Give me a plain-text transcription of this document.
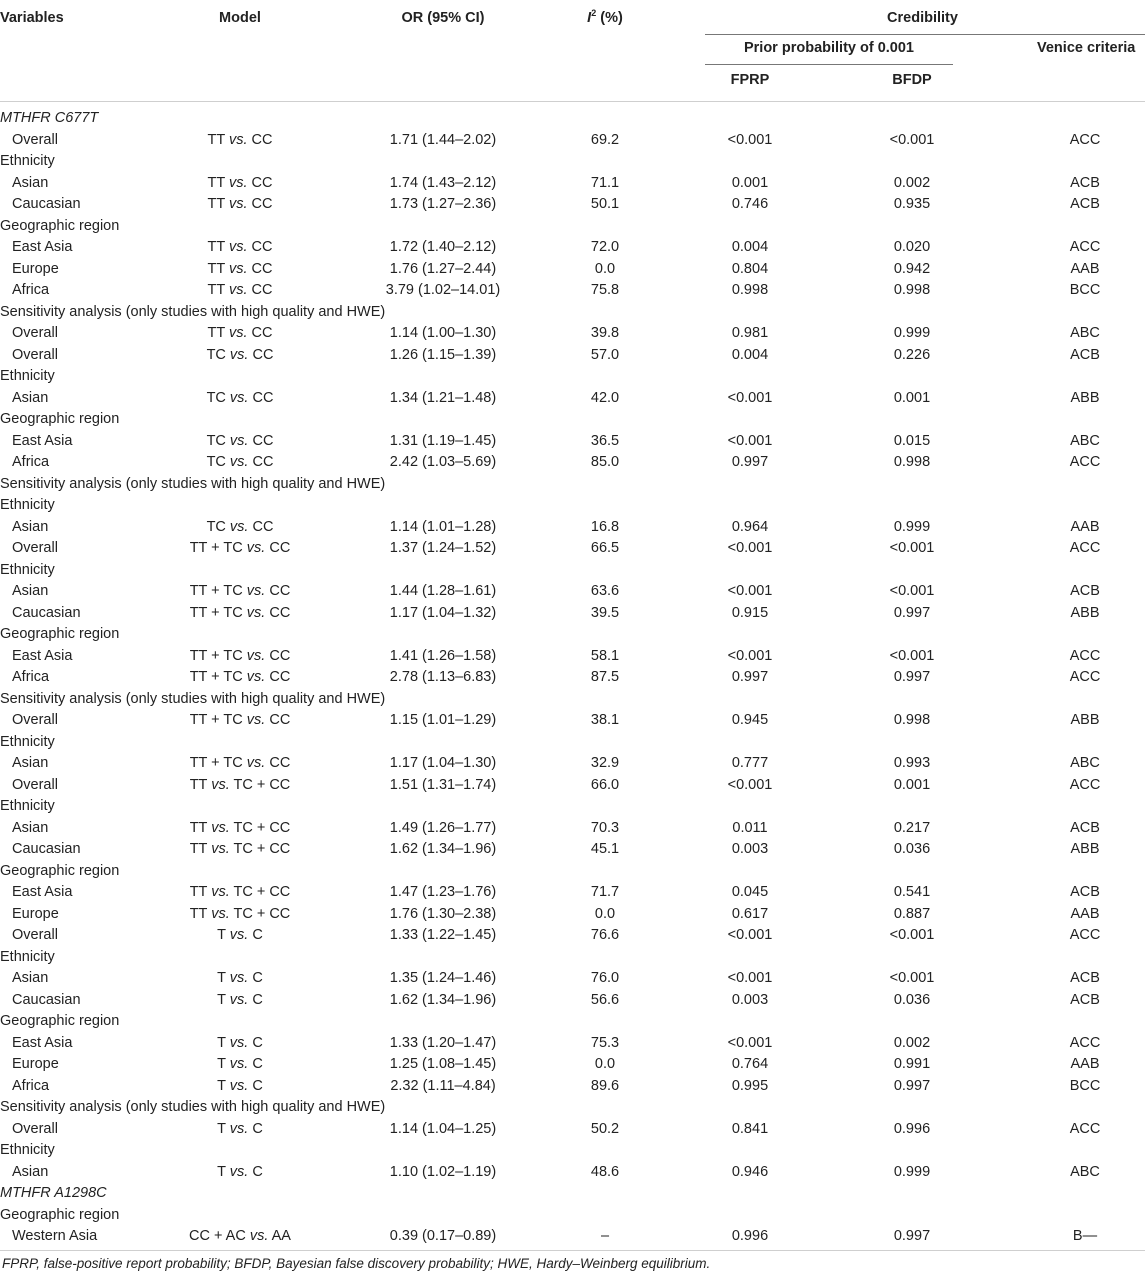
Variables	Model	OR (95% CI)	$I^2$ (%)	Credibility
Prior probability of 0.001	Venice criteria
FPRP	BFDP
MTHFR C677T
Overall	TT vs. CC	1.71 (1.44–2.02)	69.2	<0.001	<0.001	ACC
Ethnicity
Asian	TT vs. CC	1.74 (1.43–2.12)	71.1	0.001	0.002	ACB
Caucasian	TT vs. CC	1.73 (1.27–2.36)	50.1	0.746	0.935	ACB
Geographic region
East Asia	TT vs. CC	1.72 (1.40–2.12)	72.0	0.004	0.020	ACC
Europe	TT vs. CC	1.76 (1.27–2.44)	0.0	0.804	0.942	AAB
Africa	TT vs. CC	3.79 (1.02–14.01)	75.8	0.998	0.998	BCC
Sensitivity analysis (only studies with high quality and HWE)
Overall	TT vs. CC	1.14 (1.00–1.30)	39.8	0.981	0.999	ABC
Overall	TC vs. CC	1.26 (1.15–1.39)	57.0	0.004	0.226	ACB
Ethnicity
Asian	TC vs. CC	1.34 (1.21–1.48)	42.0	<0.001	0.001	ABB
Geographic region
East Asia	TC vs. CC	1.31 (1.19–1.45)	36.5	<0.001	0.015	ABC
Africa	TC vs. CC	2.42 (1.03–5.69)	85.0	0.997	0.998	ACC
Sensitivity analysis (only studies with high quality and HWE)
Ethnicity
Asian	TC vs. CC	1.14 (1.01–1.28)	16.8	0.964	0.999	AAB
Overall	TT + TC vs. CC	1.37 (1.24–1.52)	66.5	<0.001	<0.001	ACC
Ethnicity
Asian	TT + TC vs. CC	1.44 (1.28–1.61)	63.6	<0.001	<0.001	ACB
Caucasian	TT + TC vs. CC	1.17 (1.04–1.32)	39.5	0.915	0.997	ABB
Geographic region
East Asia	TT + TC vs. CC	1.41 (1.26–1.58)	58.1	<0.001	<0.001	ACC
Africa	TT + TC vs. CC	2.78 (1.13–6.83)	87.5	0.997	0.997	ACC
Sensitivity analysis (only studies with high quality and HWE)
Overall	TT + TC vs. CC	1.15 (1.01–1.29)	38.1	0.945	0.998	ABB
Ethnicity
Asian	TT + TC vs. CC	1.17 (1.04–1.30)	32.9	0.777	0.993	ABC
Overall	TT vs. TC + CC	1.51 (1.31–1.74)	66.0	<0.001	0.001	ACC
Ethnicity
Asian	TT vs. TC + CC	1.49 (1.26–1.77)	70.3	0.011	0.217	ACB
Caucasian	TT vs. TC + CC	1.62 (1.34–1.96)	45.1	0.003	0.036	ABB
Geographic region
East Asia	TT vs. TC + CC	1.47 (1.23–1.76)	71.7	0.045	0.541	ACB
Europe	TT vs. TC + CC	1.76 (1.30–2.38)	0.0	0.617	0.887	AAB
Overall	T vs. C	1.33 (1.22–1.45)	76.6	<0.001	<0.001	ACC
Ethnicity
Asian	T vs. C	1.35 (1.24–1.46)	76.0	<0.001	<0.001	ACB
Caucasian	T vs. C	1.62 (1.34–1.96)	56.6	0.003	0.036	ACB
Geographic region
East Asia	T vs. C	1.33 (1.20–1.47)	75.3	<0.001	0.002	ACC
Europe	T vs. C	1.25 (1.08–1.45)	0.0	0.764	0.991	AAB
Africa	T vs. C	2.32 (1.11–4.84)	89.6	0.995	0.997	BCC
Sensitivity analysis (only studies with high quality and HWE)
Overall	T vs. C	1.14 (1.04–1.25)	50.2	0.841	0.996	ACC
Ethnicity
Asian	T vs. C	1.10 (1.02–1.19)	48.6	0.946	0.999	ABC
MTHFR A1298C
Geographic region
Western Asia	CC + AC vs. AA	0.39 (0.17–0.89)	–	0.996	0.997	B—
FPRP, false-positive report probability; BFDP, Bayesian false discovery probability; HWE, Hardy–Weinberg equilibrium.
